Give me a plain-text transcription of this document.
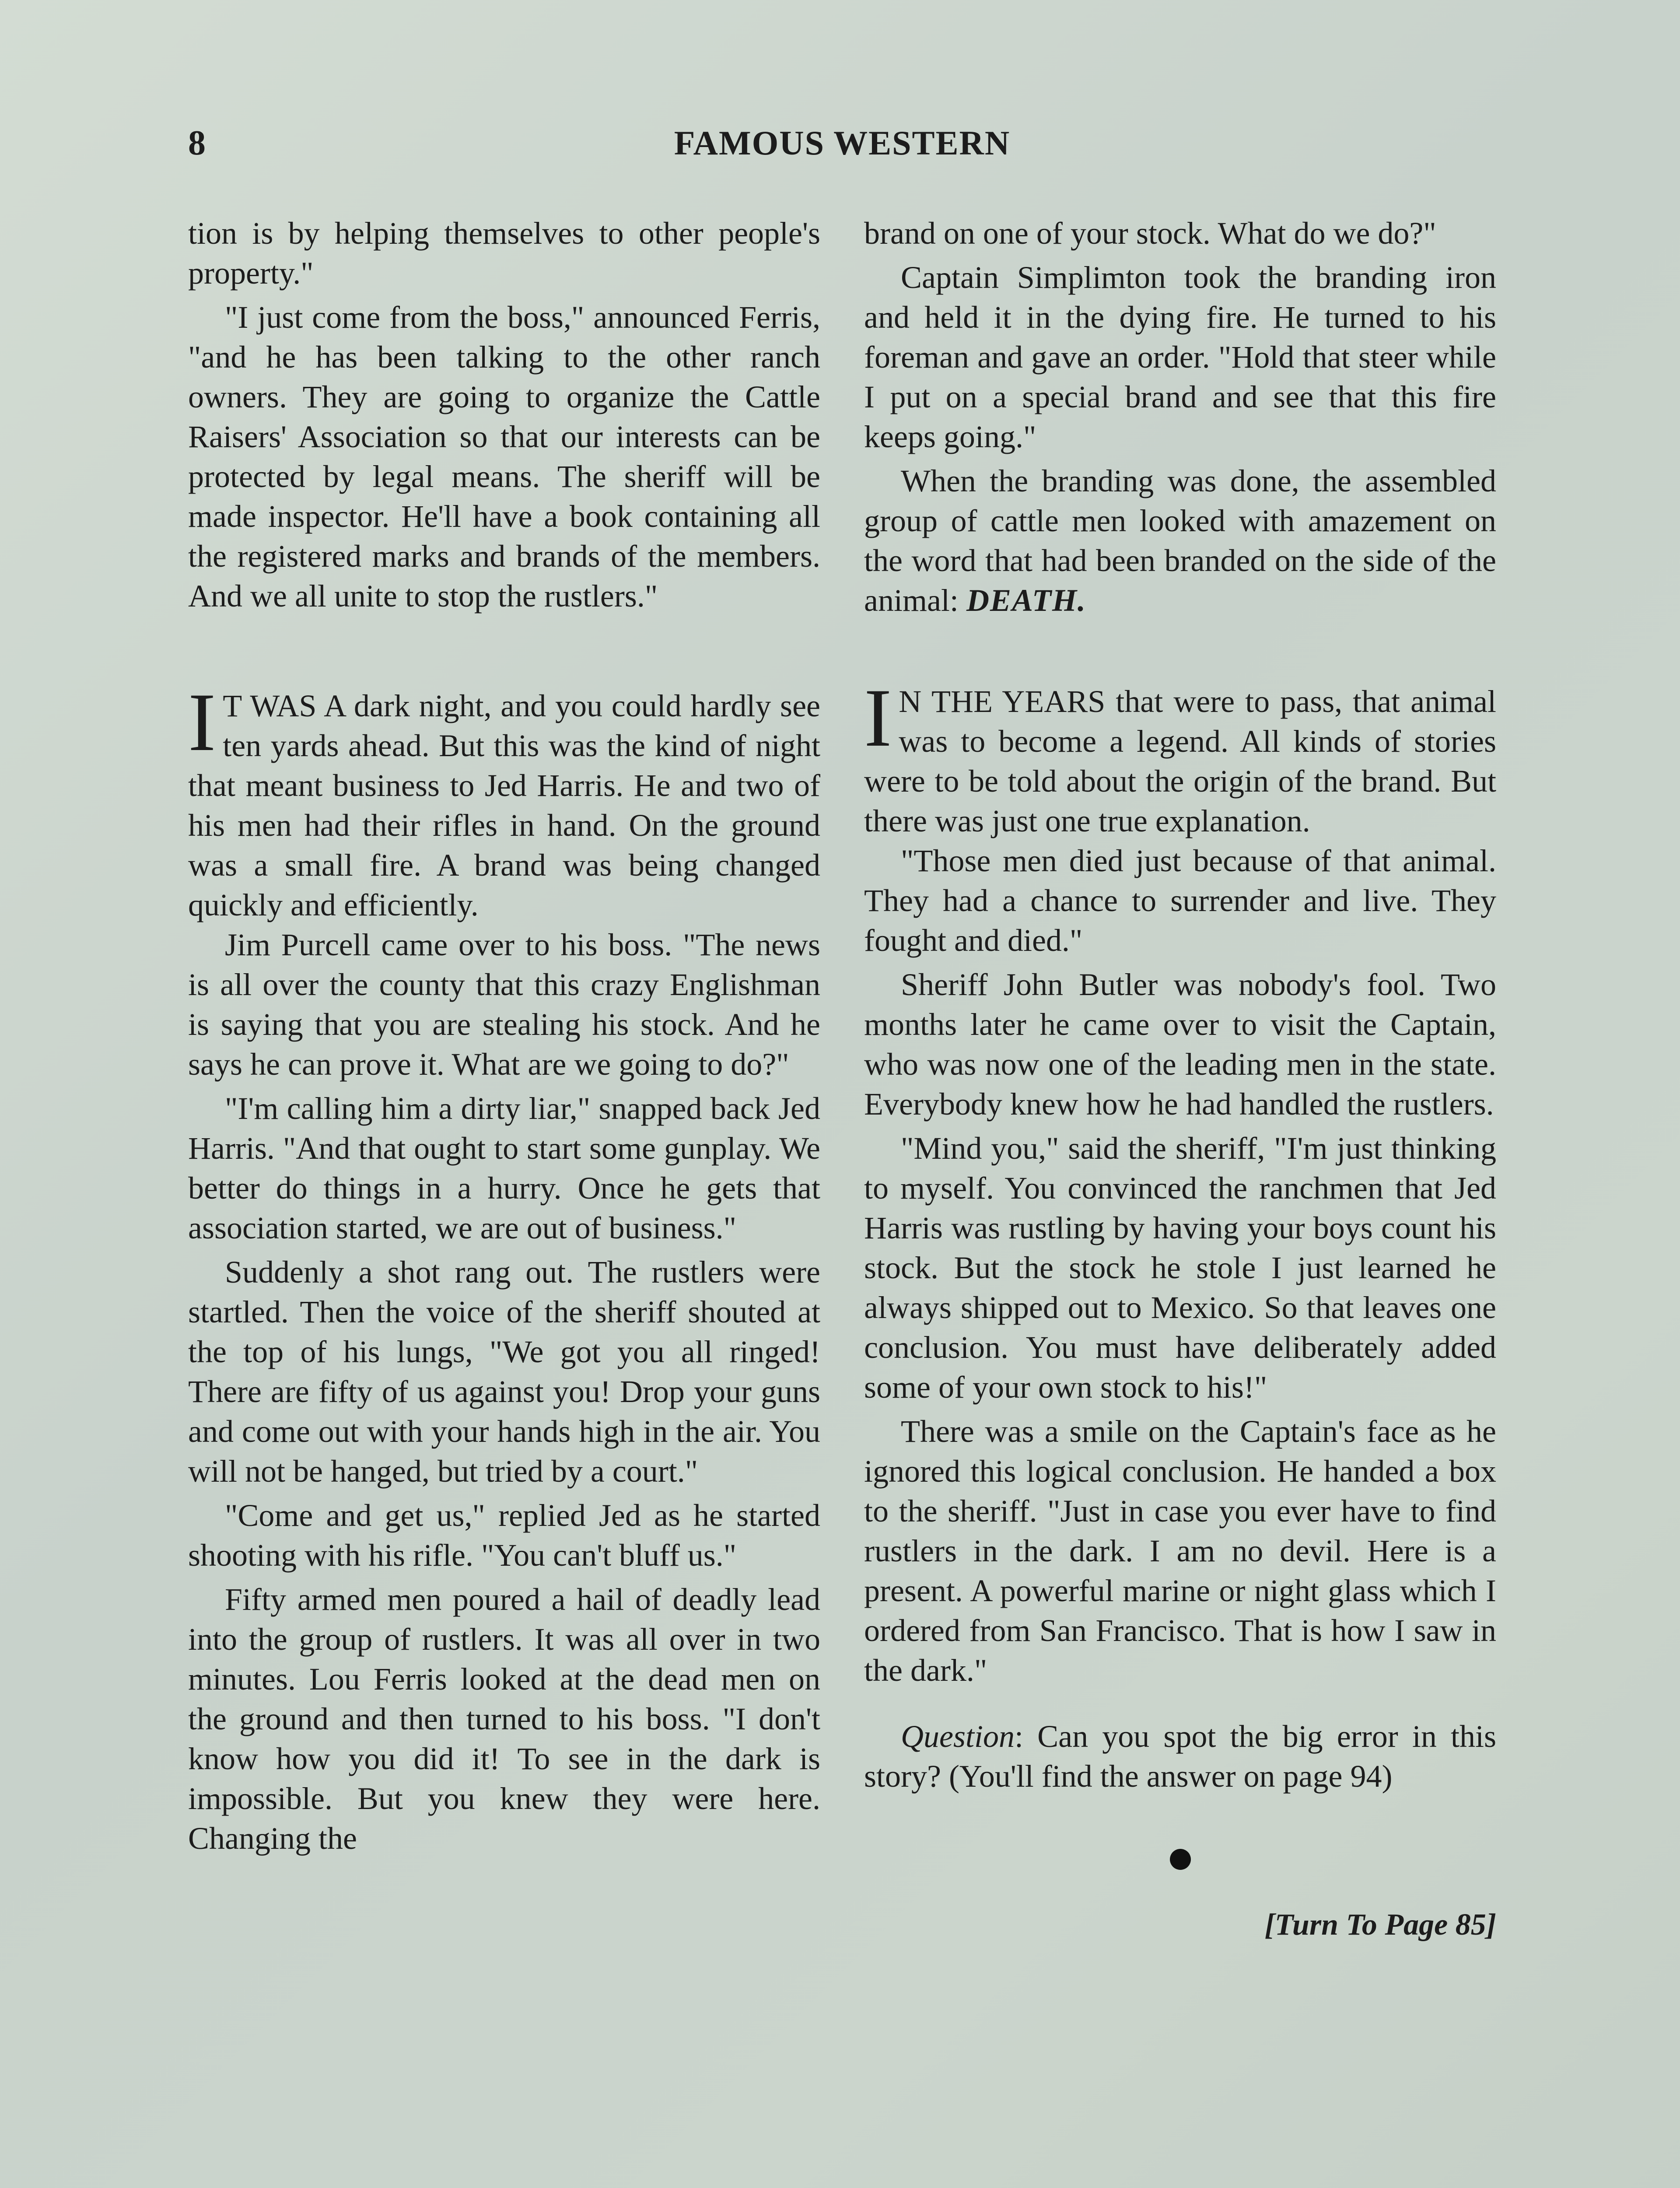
8	FAMOUS WESTERN

tion is by helping themselves to other people's property."

"I just come from the boss," announced Ferris, "and he has been talking to the other ranch owners. They are going to organize the Cattle Raisers' Association so that our interests can be protected by legal means. The sheriff will be made inspector. He'll have a book containing all the registered marks and brands of the members. And we all unite to stop the rustlers."

I T WAS A dark night, and you could hardly see ten yards ahead. But this was the kind of night that meant business to Jed Harris. He and two of his men had their rifles in hand. On the ground was a small fire. A brand was being changed quickly and efficiently.

Jim Purcell came over to his boss. "The news is all over the county that this crazy Englishman is saying that you are stealing his stock. And he says he can prove it. What are we going to do?"

"I'm calling him a dirty liar," snapped back Jed Harris. "And that ought to start some gunplay. We better do things in a hurry. Once he gets that association started, we are out of business."

Suddenly a shot rang out. The rustlers were startled. Then the voice of the sheriff shouted at the top of his lungs, "We got you all ringed! There are fifty of us against you! Drop your guns and come out with your hands high in the air. You will not be hanged, but tried by a court."

"Come and get us," replied Jed as he started shooting with his rifle. "You can't bluff us."

Fifty armed men poured a hail of deadly lead into the group of rustlers. It was all over in two minutes. Lou Ferris looked at the dead men on the ground and then turned to his boss. "I don't know how you did it! To see in the dark is impossible. But you knew they were here. Changing the

brand on one of your stock. What do we do?"

Captain Simplimton took the branding iron and held it in the dying fire. He turned to his foreman and gave an order. "Hold that steer while I put on a special brand and see that this fire keeps going."

When the branding was done, the assembled group of cattle men looked with amazement on the word that had been branded on the side of the animal: DEATH.

I N THE YEARS that were to pass, that animal was to become a legend. All kinds of stories were to be told about the origin of the brand. But there was just one true explanation.

"Those men died just because of that animal. They had a chance to surrender and live. They fought and died."

Sheriff John Butler was nobody's fool. Two months later he came over to visit the Captain, who was now one of the leading men in the state. Everybody knew how he had handled the rustlers.

"Mind you," said the sheriff, "I'm just thinking to myself. You convinced the ranchmen that Jed Harris was rustling by having your boys count his stock. But the stock he stole I just learned he always shipped out to Mexico. So that leaves one conclusion. You must have deliberately added some of your own stock to his!"

There was a smile on the Captain's face as he ignored this logical conclusion. He handed a box to the sheriff. "Just in case you ever have to find rustlers in the dark. I am no devil. Here is a present. A powerful marine or night glass which I ordered from San Francisco. That is how I saw in the dark."

Question: Can you spot the big error in this story? (You'll find the answer on page 94)

[Turn To Page 85]
